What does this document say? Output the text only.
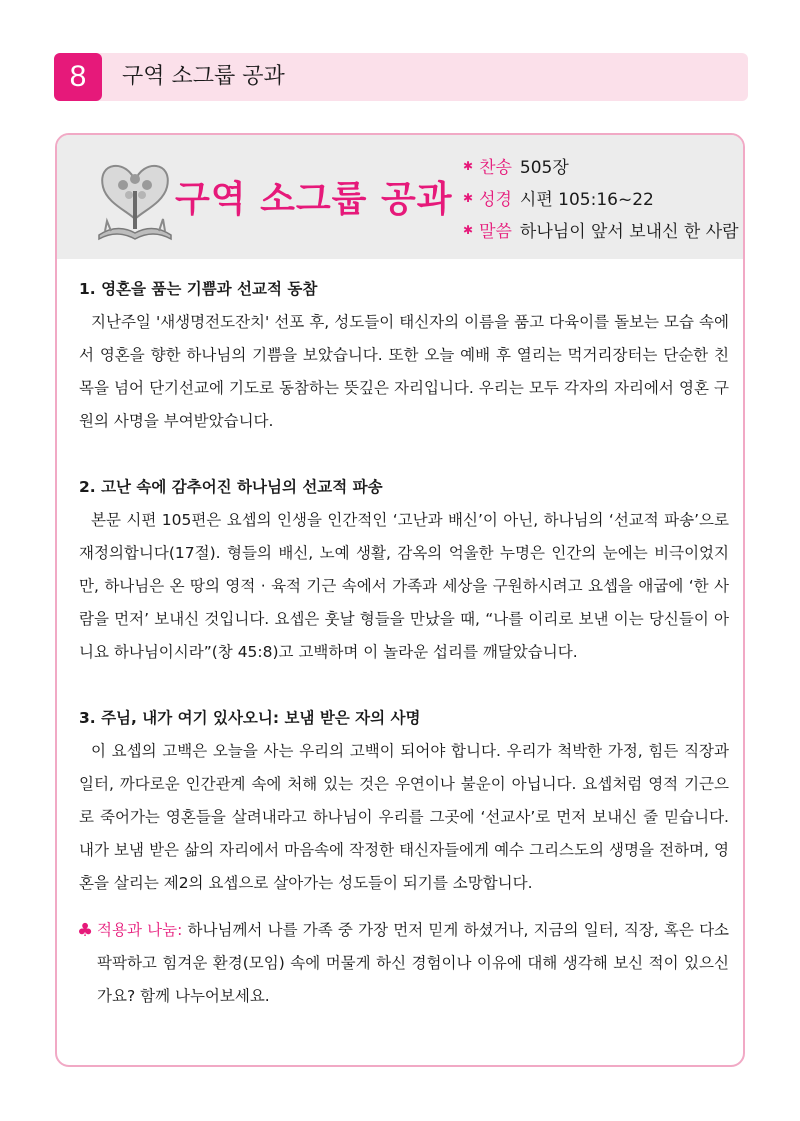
8	구역 소그룹 공과
구역 소그룹 공과
✱ 찬송 505장
✱ 성경 시편 105:16~22
✱ 말씀 하나님이 앞서 보내신 한 사람

1. 영혼을 품는 기쁨과 선교적 동참

지난주일 '새생명전도잔치' 선포 후, 성도들이 태신자의 이름을 품고 다육이를 돌보는 모습 속에서 영혼을 향한 하나님의 기쁨을 보았습니다. 또한 오늘 예배 후 열리는 먹거리장터는 단순한 친목을 넘어 단기선교에 기도로 동참하는 뜻깊은 자리입니다. 우리는 모두 각자의 자리에서 영혼 구원의 사명을 부여받았습니다.

2. 고난 속에 감추어진 하나님의 선교적 파송

본문 시편 105편은 요셉의 인생을 인간적인 ‘고난과 배신’이 아닌, 하나님의 ‘선교적 파송’으로 재정의합니다(17절). 형들의 배신, 노예 생활, 감옥의 억울한 누명은 인간의 눈에는 비극이었지만, 하나님은 온 땅의 영적 · 육적 기근 속에서 가족과 세상을 구원하시려고 요셉을 애굽에 ‘한 사람을 먼저’ 보내신 것입니다. 요셉은 훗날 형들을 만났을 때, “나를 이리로 보낸 이는 당신들이 아니요 하나님이시라”(창 45:8)고 고백하며 이 놀라운 섭리를 깨달았습니다.

3. 주님, 내가 여기 있사오니: 보냄 받은 자의 사명

이 요셉의 고백은 오늘을 사는 우리의 고백이 되어야 합니다. 우리가 척박한 가정, 힘든 직장과 일터, 까다로운 인간관계 속에 처해 있는 것은 우연이나 불운이 아닙니다. 요셉처럼 영적 기근으로 죽어가는 영혼들을 살려내라고 하나님이 우리를 그곳에 ‘선교사’로 먼저 보내신 줄 믿습니다. 내가 보냄 받은 삶의 자리에서 마음속에 작정한 태신자들에게 예수 그리스도의 생명을 전하며, 영혼을 살리는 제2의 요셉으로 살아가는 성도들이 되기를 소망합니다.

♣ 적용과 나눔: 하나님께서 나를 가족 중 가장 먼저 믿게 하셨거나, 지금의 일터, 직장, 혹은 다소 팍팍하고 힘겨운 환경(모임) 속에 머물게 하신 경험이나 이유에 대해 생각해 보신 적이 있으신가요? 함께 나누어보세요.
